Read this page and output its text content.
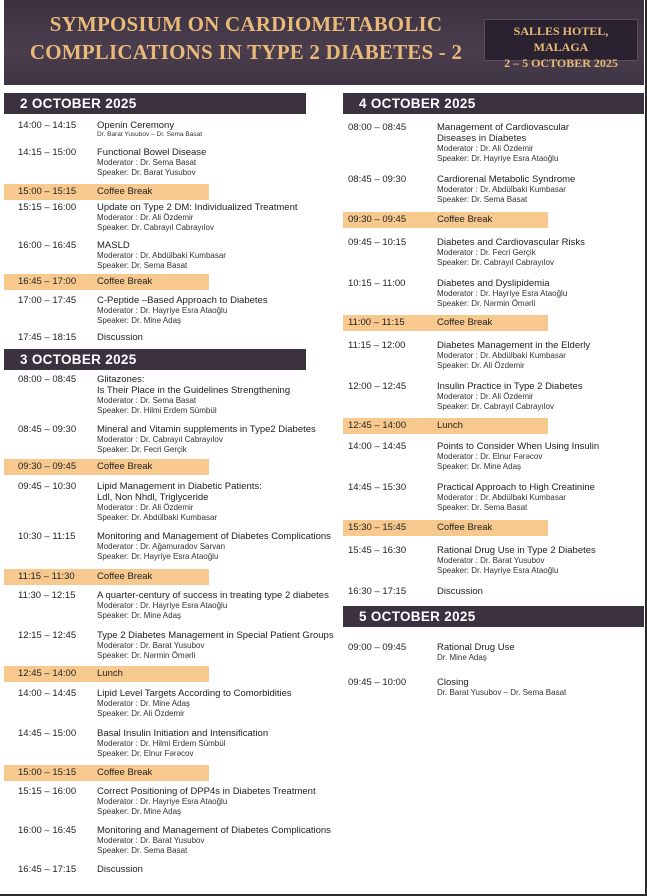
SYMPOSIUM ON CARDIOMETABOLIC
COMPLICATIONS IN TYPE 2 DIABETES - 2
SALLES HOTEL, MALAGA
2 – 5 OCTOBER 2025
2 OCTOBER 2025
14:00 – 14:15	Openin Ceremony
Dr. Barat Yusubov – Dr. Sema Basat
14:15 – 15:00	Functional Bowel Disease
Moderator : Dr. Sema Basat
Speaker: Dr. Barat Yusubov
15:00 – 15:15	Coffee Break
15:15 – 16:00	Update on Type 2 DM: Individualized Treatment
Moderator : Dr. Ali Özdemir
Speaker: Dr. Cabrayıl Cabrayılov
16:00 – 16:45	MASLD
Moderator : Dr. Abdülbaki Kumbasar
Speaker: Dr. Sema Basat
16:45 – 17:00	Coffee Break
17:00 – 17:45	C-Peptide –Based Approach to Diabetes
Moderator : Dr. Hayriye Esra Ataoğlu
Speaker: Dr. Mine Adaş
17:45 – 18:15	Discussion
3 OCTOBER 2025
08:00 – 08:45	Glitazones:
Is Their Place in the Guidelines Strengthening
Moderator : Dr. Sema Basat
Speaker: Dr. Hilmi Erdem Sümbül
08:45 – 09:30	Mineral and Vitamin supplements in Type2 Diabetes
Moderator : Dr. Cabrayıl Cabrayılov
Speaker: Dr. Fecri Gerçik
09:30 – 09:45	Coffee Break
09:45 – 10:30	Lipid Management in Diabetic Patients:
Ldl, Non Nhdl, Triglyceride
Moderator : Dr. Ali Özdemir
Speaker: Dr. Abdülbaki Kumbasar
10:30 – 11:15	Monitoring and Management of Diabetes Complications
Moderator : Dr. Ağamuradov Sarvan
Speaker: Dr. Hayriye Esra Ataoğlu
11:15 – 11:30	Coffee Break
11:30 – 12:15	A quarter-century of success in treating type 2 diabetes
Moderator : Dr. Hayriye Esra Ataoğlu
Speaker: Dr. Mine Adaş
12:15 – 12:45	Type 2 Diabetes Management in Special Patient Groups
Moderator : Dr. Barat Yusubov
Speaker: Dr. Nərmin Ömərli
12:45 – 14:00	Lunch
14:00 – 14:45	Lipid Level Targets According to Comorbidities
Moderator : Dr. Mine Adaş
Speaker: Dr. Ali Özdemir
14:45 – 15:00	Basal Insulin Initiation and Intensification
Moderator : Dr. Hilmi Erdem Sümbül
Speaker: Dr. Elnur Fərəcov
15:00 – 15:15	Coffee Break
15:15 – 16:00	Correct Positioning of DPP4s in Diabetes Treatment
Moderator : Dr. Hayriye Esra Ataoğlu
Speaker: Dr. Mine Adaş
16:00 – 16:45	Monitoring and Management of Diabetes Complications
Moderator : Dr. Barat Yusubov
Speaker: Dr. Sema Basat
16:45 – 17:15	Discussion
4 OCTOBER 2025
08:00 – 08:45	Management of Cardiovascular
Diseases in Diabetes
Moderator : Dr. Ali Özdemir
Speaker: Dr. Hayriye Esra Ataoğlu
08:45 – 09:30	Cardiorenal Metabolic Syndrome
Moderator : Dr. Abdülbaki Kumbasar
Speaker: Dr. Sema Basat
09:30 – 09:45	Coffee Break
09:45 – 10:15	Diabetes and Cardiovascular Risks
Moderator : Dr. Fecri Gerçik
Speaker: Dr. Cabrayıl Cabrayılov
10:15 – 11:00	Diabetes and Dyslipidemia
Moderator : Dr. Hayriye Esra Ataoğlu
Speaker: Dr. Nərmin Ömərli
11:00 – 11:15	Coffee Break
11:15 – 12:00	Diabetes Management in the Elderly
Moderator : Dr. Abdülbaki Kumbasar
Speaker: Dr. Ali Özdemir
12:00 – 12:45	Insulin Practice in Type 2 Diabetes
Moderator : Dr. Ali Özdemir
Speaker: Dr. Cabrayıl Cabrayılov
12:45 – 14:00	Lunch
14:00 – 14:45	Points to Consider When Using Insulin
Moderator : Dr. Elnur Fərəcov
Speaker: Dr. Mine Adaş
14:45 – 15:30	Practical Approach to High Creatinine
Moderator : Dr. Abdülbaki Kumbasar
Speaker: Dr. Sema Basat
15:30 – 15:45	Coffee Break
15:45 – 16:30	Rational Drug Use in Type 2 Diabetes
Moderator : Dr. Barat Yusubov
Speaker: Dr. Hayriye Esra Ataoğlu
16:30 – 17:15	Discussion
5 OCTOBER 2025
09:00 – 09:45	Rational Drug Use
Dr. Mine Adaş
09:45 – 10:00	Closing
Dr. Barat Yusubov – Dr. Sema Basat
